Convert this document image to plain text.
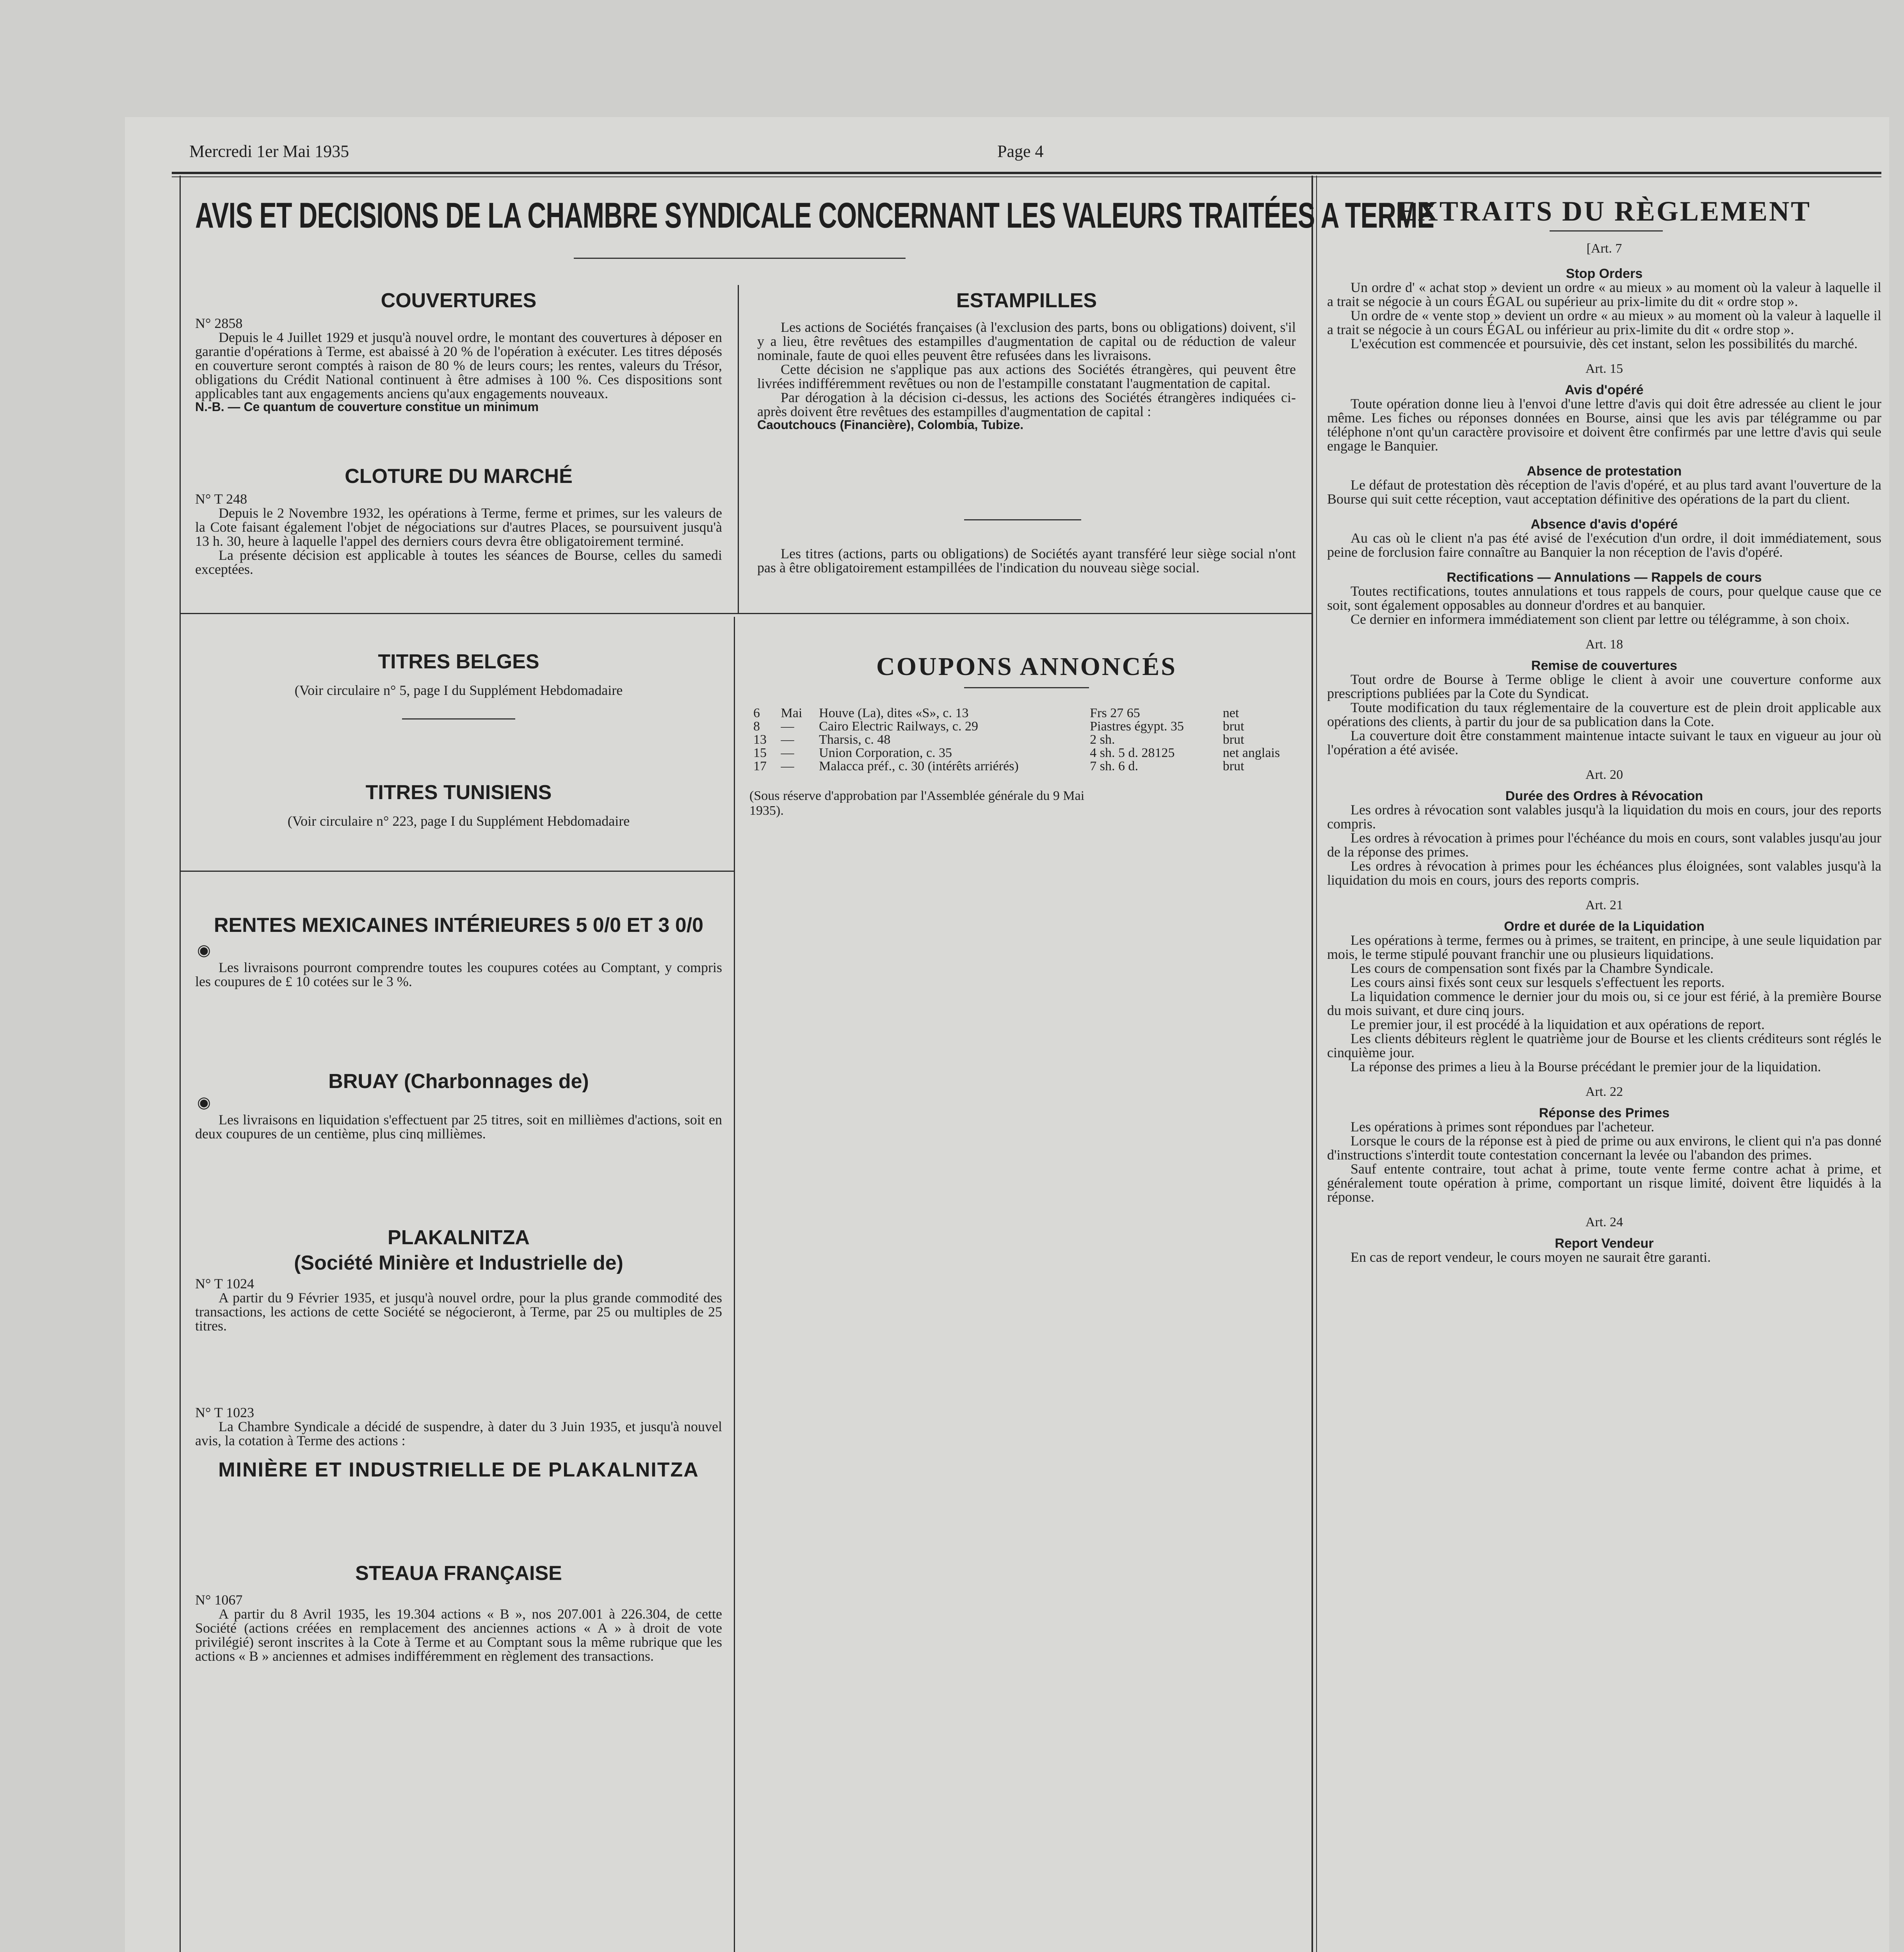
Mercredi 1er Mai 1935	Page 4
AVIS ET DECISIONS DE LA CHAMBRE SYNDICALE CONCERNANT LES VALEURS TRAITÉES A TERME
COUVERTURES
N° 2858

Depuis le 4 Juillet 1929 et jusqu'à nouvel ordre, le montant des couvertures à déposer en garantie d'opérations à Terme, est abaissé à 20 % de l'opération à exécuter. Les titres déposés en couverture seront comptés à raison de 80 % de leurs cours; les rentes, valeurs du Trésor, obligations du Crédit National continuent à être admises à 100 %. Ces dispositions sont applicables tant aux engagements anciens qu'aux engagements nouveaux.

N.-B. — Ce quantum de couverture constitue un minimum
CLOTURE DU MARCHÉ
N° T 248

Depuis le 2 Novembre 1932, les opérations à Terme, ferme et primes, sur les valeurs de la Cote faisant également l'objet de négociations sur d'autres Places, se poursuivent jusqu'à 13 h. 30, heure à laquelle l'appel des derniers cours devra être obligatoirement terminé.

La présente décision est applicable à toutes les séances de Bourse, celles du samedi exceptées.

ESTAMPILLES

Les actions de Sociétés françaises (à l'exclusion des parts, bons ou obligations) doivent, s'il y a lieu, être revêtues des estampilles d'augmentation de capital ou de réduction de valeur nominale, faute de quoi elles peuvent être refusées dans les livraisons.

Cette décision ne s'applique pas aux actions des Sociétés étrangères, qui peuvent être livrées indifféremment revêtues ou non de l'estampille constatant l'augmentation de capital.

Par dérogation à la décision ci-dessus, les actions des Sociétés étrangères indiquées ci-après doivent être revêtues des estampilles d'augmentation de capital :

Caoutchoucs (Financière), Colombia, Tubize.

Les titres (actions, parts ou obligations) de Sociétés ayant transféré leur siège social n'ont pas à être obligatoirement estampillées de l'indication du nouveau siège social.

TITRES BELGES
(Voir circulaire n° 5, page I du Supplément Hebdomadaire
TITRES TUNISIENS
(Voir circulaire n° 223, page I du Supplément Hebdomadaire
RENTES MEXICAINES INTÉRIEURES 5 0/0 ET 3 0/0
◉

Les livraisons pourront comprendre toutes les coupures cotées au Comptant, y compris les coupures de £ 10 cotées sur le 3 %.

BRUAY (Charbonnages de)
◉

Les livraisons en liquidation s'effectuent par 25 titres, soit en millièmes d'actions, soit en deux coupures de un centième, plus cinq millièmes.

PLAKALNITZA
(Société Minière et Industrielle de)
N° T 1024

A partir du 9 Février 1935, et jusqu'à nouvel ordre, pour la plus grande commodité des transactions, les actions de cette Société se négocieront, à Terme, par 25 ou multiples de 25 titres.

N° T 1023

La Chambre Syndicale a décidé de suspendre, à dater du 3 Juin 1935, et jusqu'à nouvel avis, la cotation à Terme des actions :

MINIÈRE ET INDUSTRIELLE DE PLAKALNITZA
STEAUA FRANÇAISE
N° 1067

A partir du 8 Avril 1935, les 19.304 actions « B », nos 207.001 à 226.304, de cette Société (actions créées en remplacement des anciennes actions « A » à droit de vote privilégié) seront inscrites à la Cote à Terme et au Comptant sous la même rubrique que les actions « B » anciennes et admises indifféremment en règlement des transactions.

COUPONS ANNONCÉS
6	Mai	Houve (La), dites «S», c. 13	Frs 27 65	net
8	—	Cairo Electric Railways, c. 29	Piastres égypt. 35	brut
13	—	Tharsis, c. 48	2 sh.	brut
15	—	Union Corporation, c. 35	4 sh. 5 d. 28125	net anglais
17	—	Malacca préf., c. 30 (intérêts arriérés)	7 sh. 6 d.	brut
(Sous réserve d'approbation par l'Assemblée générale du 9 Mai 1935).
EXTRAITS DU RÈGLEMENT
[Art. 7
Stop Orders

Un ordre d' « achat stop » devient un ordre « au mieux » au moment où la valeur à laquelle il a trait se négocie à un cours ÉGAL ou supérieur au prix-limite du dit « ordre stop ».

Un ordre de « vente stop » devient un ordre « au mieux » au moment où la valeur à laquelle il a trait se négocie à un cours ÉGAL ou inférieur au prix-limite du dit « ordre stop ».

L'exécution est commencée et poursuivie, dès cet instant, selon les possibilités du marché.

Art. 15
Avis d'opéré

Toute opération donne lieu à l'envoi d'une lettre d'avis qui doit être adressée au client le jour même. Les fiches ou réponses données en Bourse, ainsi que les avis par télégramme ou par téléphone n'ont qu'un caractère provisoire et doivent être confirmés par une lettre d'avis qui seule engage le Banquier.

Absence de protestation

Le défaut de protestation dès réception de l'avis d'opéré, et au plus tard avant l'ouverture de la Bourse qui suit cette réception, vaut acceptation définitive des opérations de la part du client.

Absence d'avis d'opéré

Au cas où le client n'a pas été avisé de l'exécution d'un ordre, il doit immédiatement, sous peine de forclusion faire connaître au Banquier la non réception de l'avis d'opéré.

Rectifications — Annulations — Rappels de cours

Toutes rectifications, toutes annulations et tous rappels de cours, pour quelque cause que ce soit, sont également opposables au donneur d'ordres et au banquier.

Ce dernier en informera immédiatement son client par lettre ou télégramme, à son choix.

Art. 18
Remise de couvertures

Tout ordre de Bourse à Terme oblige le client à avoir une couverture conforme aux prescriptions publiées par la Cote du Syndicat.

Toute modification du taux réglementaire de la couverture est de plein droit applicable aux opérations des clients, à partir du jour de sa publication dans la Cote.

La couverture doit être constamment maintenue intacte suivant le taux en vigueur au jour où l'opération a été avisée.

Art. 20
Durée des Ordres à Révocation

Les ordres à révocation sont valables jusqu'à la liquidation du mois en cours, jour des reports compris.

Les ordres à révocation à primes pour l'échéance du mois en cours, sont valables jusqu'au jour de la réponse des primes.

Les ordres à révocation à primes pour les échéances plus éloignées, sont valables jusqu'à la liquidation du mois en cours, jours des reports compris.

Art. 21
Ordre et durée de la Liquidation

Les opérations à terme, fermes ou à primes, se traitent, en principe, à une seule liquidation par mois, le terme stipulé pouvant franchir une ou plusieurs liquidations.

Les cours de compensation sont fixés par la Chambre Syndicale.

Les cours ainsi fixés sont ceux sur lesquels s'effectuent les reports.

La liquidation commence le dernier jour du mois ou, si ce jour est férié, à la première Bourse du mois suivant, et dure cinq jours.

Le premier jour, il est procédé à la liquidation et aux opérations de report.

Les clients débiteurs règlent le quatrième jour de Bourse et les clients créditeurs sont réglés le cinquième jour.

La réponse des primes a lieu à la Bourse précédant le premier jour de la liquidation.

Art. 22
Réponse des Primes

Les opérations à primes sont répondues par l'acheteur.

Lorsque le cours de la réponse est à pied de prime ou aux environs, le client qui n'a pas donné d'instructions s'interdit toute contestation concernant la levée ou l'abandon des primes.

Sauf entente contraire, tout achat à prime, toute vente ferme contre achat à prime, et généralement toute opération à prime, comportant un risque limité, doivent être liquidés à la réponse.

Art. 24
Report Vendeur

En cas de report vendeur, le cours moyen ne saurait être garanti.
